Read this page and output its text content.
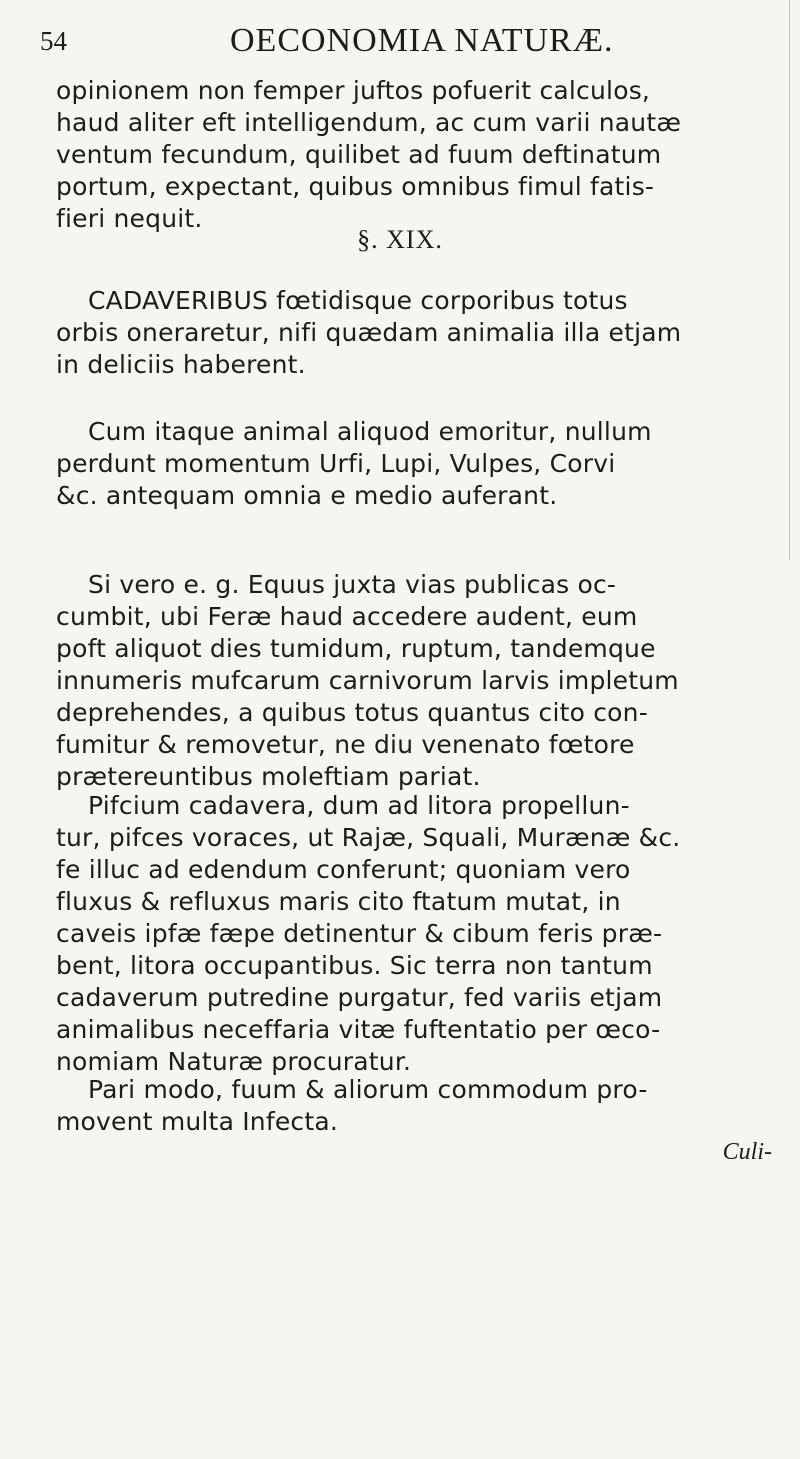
54	OECONOMIA NATURÆ.

opinionem non femper juftos pofuerit calculos,

haud aliter eft intelligendum, ac cum varii nautæ

ventum fecundum, quilibet ad fuum deftinatum

portum, expectant, quibus omnibus fimul fatis-

fieri nequit.

§. XIX.

CADAVERIBUS fœtidisque corporibus totus

orbis oneraretur, nifi quædam animalia illa etjam

in deliciis haberent.

Cum itaque animal aliquod emoritur, nullum

perdunt momentum Urfi, Lupi, Vulpes, Corvi

&c. antequam omnia e medio auferant.

Si vero e. g. Equus juxta vias publicas oc-

cumbit, ubi Feræ haud accedere audent, eum

poft aliquot dies tumidum, ruptum, tandemque

innumeris mufcarum carnivorum larvis impletum

deprehendes, a quibus totus quantus cito con-

fumitur & removetur, ne diu venenato fœtore

prætereuntibus moleftiam pariat.

Pifcium cadavera, dum ad litora propellun-

tur, pifces voraces, ut Rajæ, Squali, Murænæ &c.

fe illuc ad edendum conferunt; quoniam vero

fluxus & refluxus maris cito ftatum mutat, in

caveis ipfæ fæpe detinentur & cibum feris præ-

bent, litora occupantibus. Sic terra non tantum

cadaverum putredine purgatur, fed variis etjam

animalibus neceffaria vitæ fuftentatio per œco-

nomiam Naturæ procuratur.

Pari modo, fuum & aliorum commodum pro-

movent multa Infecta.

Culi-
